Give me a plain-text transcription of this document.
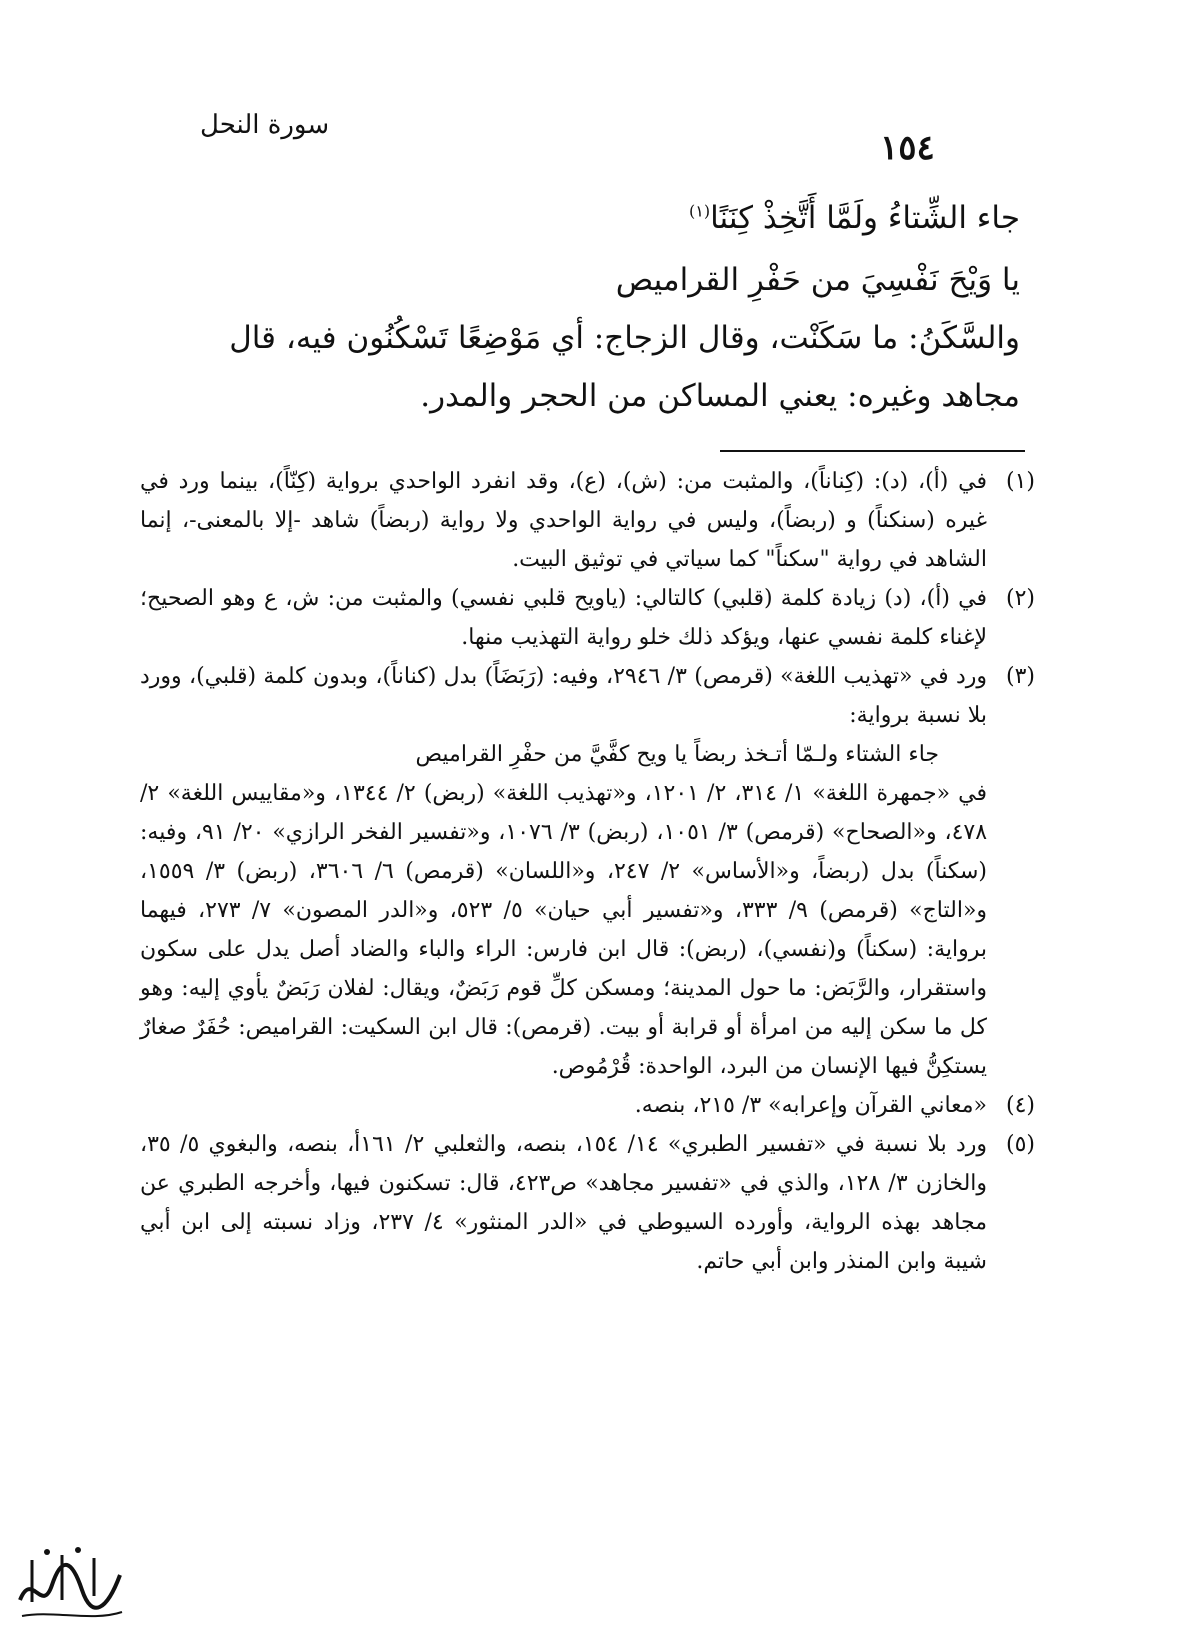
سورة النحل
١٥٤
جاء الشِّتاءُ ولَمَّا أَتَّخِذْ كِنَنًا$^{(١)}$
يا وَيْحَ نَفْسِيَ من حَفْرِ القراميص
والسَّكَنُ: ما سَكَنْت، وقال الزجاج: أي مَوْضِعًا تَسْكُنُون فيه، قال
مجاهد وغيره: يعني المساكن من الحجر والمدر.
(١)
في (أ)، (د): (كِناناً)، والمثبت من: (ش)، (ع)، وقد انفرد الواحدي برواية (كِنّاً)، بينما ورد في غيره (سنكناً) و (ربضاً)، وليس في رواية الواحدي ولا رواية (ربضاً) شاهد -إلا بالمعنى-، إنما الشاهد في رواية "سكناً" كما سياتي في توثيق البيت.
(٢)
في (أ)، (د) زيادة كلمة (قلبي) كالتالي: (ياويح قلبي نفسي) والمثبت من: ش، ع وهو الصحيح؛ لإغناء كلمة نفسي عنها، ويؤكد ذلك خلو رواية التهذيب منها.
(٣)
ورد في «تهذيب اللغة» (قرمص) ٣/ ٢٩٤٦، وفيه: (رَبَضَاً) بدل (كناناً)، وبدون كلمة (قلبي)، وورد بلا نسبة برواية:
جاء الشتاء ولـمّا أتـخذ ربضاً يا ويح كفَّيَّ من حفْرِ القراميص
في «جمهرة اللغة» ١/ ٣١٤، ٢/ ١٢٠١، و«تهذيب اللغة» (ربض) ٢/ ١٣٤٤، و«مقاييس اللغة» ٢/ ٤٧٨، و«الصحاح» (قرمص) ٣/ ١٠٥١، (ربض) ٣/ ١٠٧٦، و«تفسير الفخر الرازي» ٢٠/ ٩١، وفيه: (سكناً) بدل (ربضاً، و«الأساس» ٢/ ٢٤٧، و«اللسان» (قرمص) ٦/ ٣٦٠٦، (ربض) ٣/ ١٥٥٩، و«التاج» (قرمص) ٩/ ٣٣٣، و«تفسير أبي حيان» ٥/ ٥٢٣، و«الدر المصون» ٧/ ٢٧٣، فيهما برواية: (سكناً) و(نفسي)، (ربض): قال ابن فارس: الراء والباء والضاد أصل يدل على سكون واستقرار، والرَّبَض: ما حول المدينة؛ ومسكن كلِّ قوم رَبَضٌ، ويقال: لفلان رَبَضٌ يأوي إليه: وهو كل ما سكن إليه من امرأة أو قرابة أو بيت. (قرمص): قال ابن السكيت: القراميص: حُفَرٌ صغارٌ يستكِنُّ فيها الإنسان من البرد، الواحدة: قُرْمُوص.
(٤)
«معاني القرآن وإعرابه» ٣/ ٢١٥، بنصه.
(٥)
ورد بلا نسبة في «تفسير الطبري» ١٤/ ١٥٤، بنصه، والثعلبي ٢/ ١٦١أ، بنصه، والبغوي ٥/ ٣٥، والخازن ٣/ ١٢٨، والذي في «تفسير مجاهد» ص٤٢٣، قال: تسكنون فيها، وأخرجه الطبري عن مجاهد بهذه الرواية، وأورده السيوطي في «الدر المنثور» ٤/ ٢٣٧، وزاد نسبته إلى ابن أبي شيبة وابن المنذر وابن أبي حاتم.
